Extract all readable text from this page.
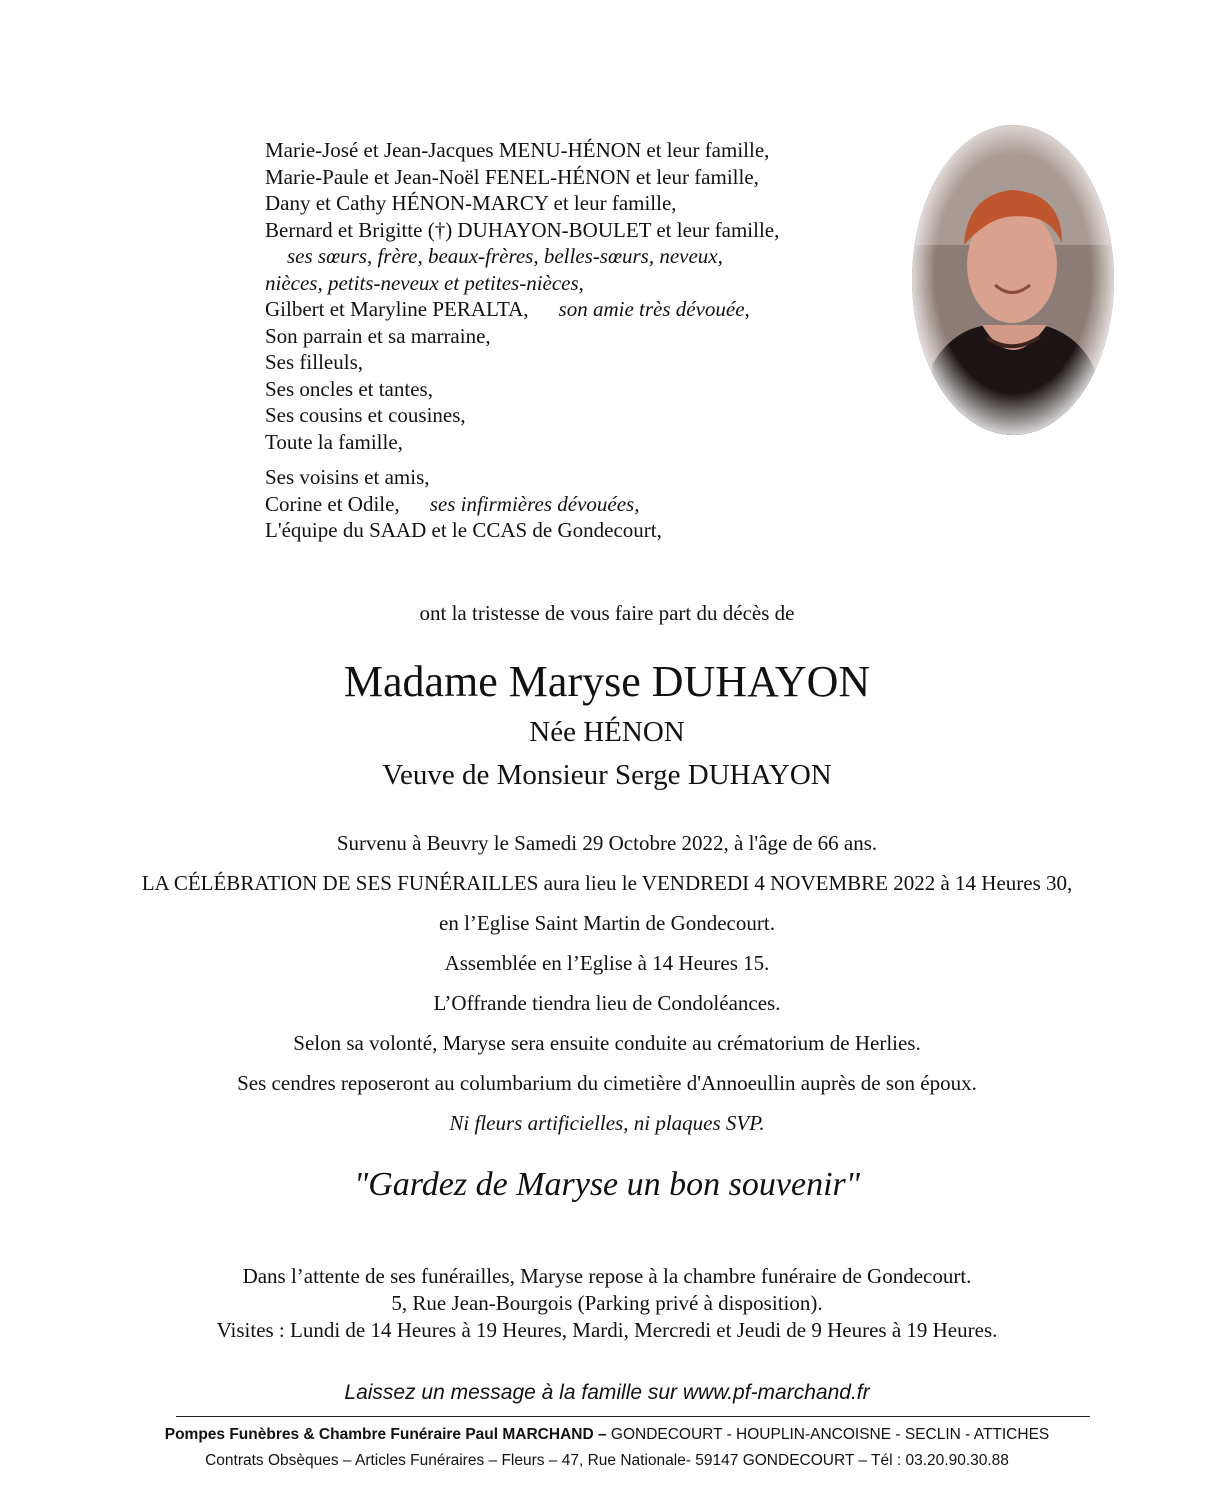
Marie-José et Jean-Jacques MENU-HÉNON et leur famille,
Marie-Paule et Jean-Noël FENEL-HÉNON et leur famille,
Dany et Cathy HÉNON-MARCY et leur famille,
Bernard et Brigitte (†) DUHAYON-BOULET et leur famille,
ses sœurs, frère, beaux-frères, belles-sœurs, neveux,
nièces, petits-neveux et petites-nièces,
Gilbert et Maryline PERALTA, son amie très dévouée,
Son parrain et sa marraine,
Ses filleuls,
Ses oncles et tantes,
Ses cousins et cousines,
Toute la famille,
Ses voisins et amis,
Corine et Odile, ses infirmières dévouées,
L'équipe du SAAD et le CCAS de Gondecourt,
ont la tristesse de vous faire part du décès de
Madame Maryse DUHAYON
Née HÉNON
Veuve de Monsieur Serge DUHAYON
Survenu à Beuvry le Samedi 29 Octobre 2022, à l'âge de 66 ans.
LA CÉLÉBRATION DE SES FUNÉRAILLES aura lieu le VENDREDI 4 NOVEMBRE 2022 à 14 Heures 30,
en l’Eglise Saint Martin de Gondecourt.
Assemblée en l’Eglise à 14 Heures 15.
L’Offrande tiendra lieu de Condoléances.
Selon sa volonté, Maryse sera ensuite conduite au crématorium de Herlies.
Ses cendres reposeront au columbarium du cimetière d'Annoeullin auprès de son époux.
Ni fleurs artificielles, ni plaques SVP.
"Gardez de Maryse un bon souvenir"
Dans l’attente de ses funérailles, Maryse repose à la chambre funéraire de Gondecourt.
5, Rue Jean-Bourgois (Parking privé à disposition).
Visites : Lundi de 14 Heures à 19 Heures, Mardi, Mercredi et Jeudi de 9 Heures à 19 Heures.
Laissez un message à la famille sur www.pf-marchand.fr
Pompes Funèbres & Chambre Funéraire Paul MARCHAND – GONDECOURT - HOUPLIN-ANCOISNE - SECLIN - ATTICHES
Contrats Obsèques – Articles Funéraires – Fleurs – 47, Rue Nationale- 59147 GONDECOURT – Tél : 03.20.90.30.88
